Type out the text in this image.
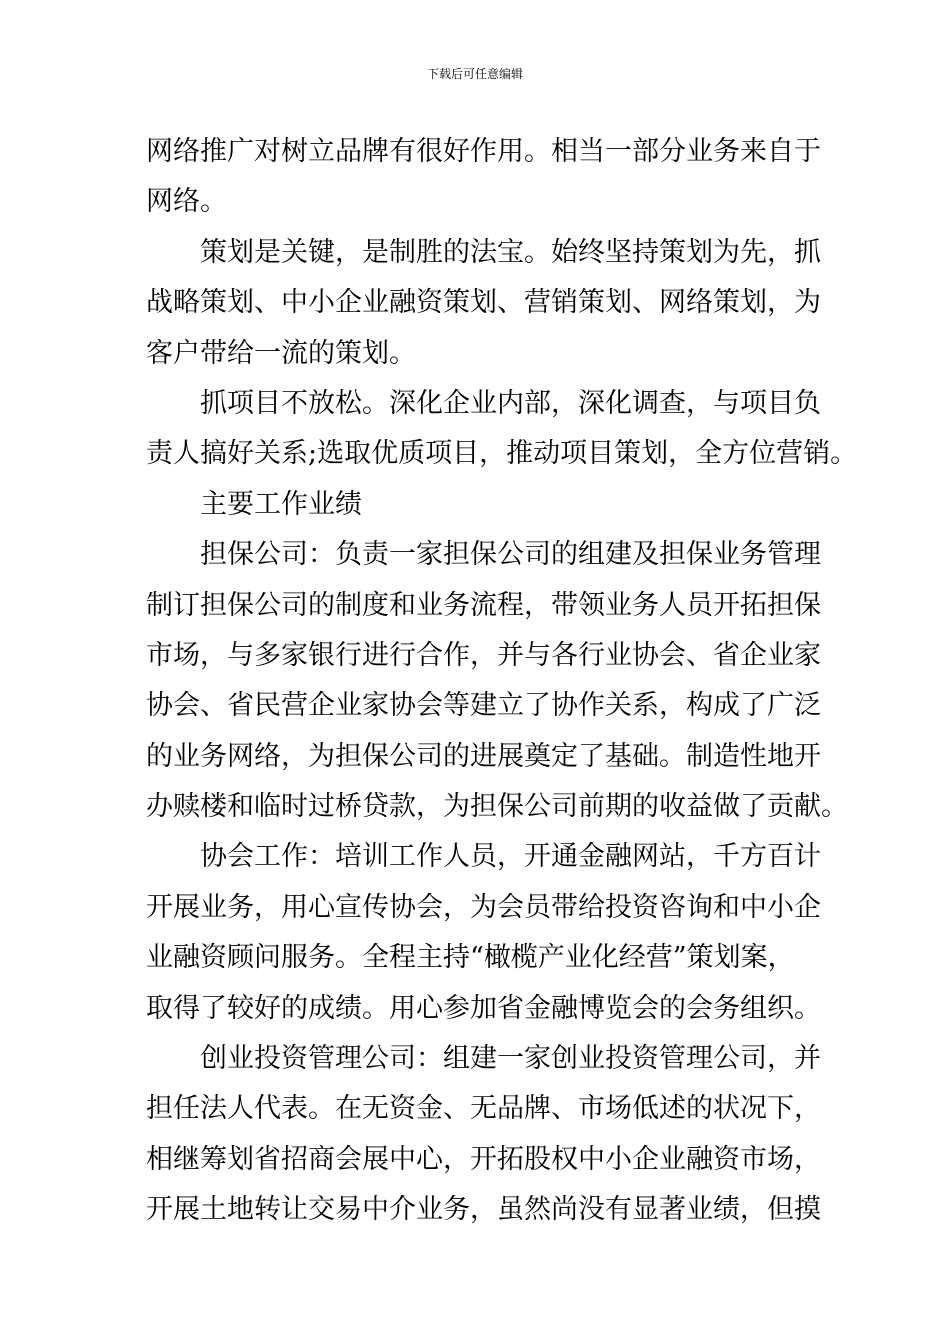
下载后可任意编辑
网络推广对树立品牌有很好作用。相当一部分业务来自于
网络。
策划是关键，是制胜的法宝。始终坚持策划为先，抓
战略策划、中小企业融资策划、营销策划、网络策划，为
客户带给一流的策划。
抓项目不放松。深化企业内部，深化调查，与项目负
责人搞好关系;选取优质项目，推动项目策划，全方位营销。
主要工作业绩
担保公司：负责一家担保公司的组建及担保业务管理
制订担保公司的制度和业务流程，带领业务人员开拓担保
市场，与多家银行进行合作，并与各行业协会、省企业家
协会、省民营企业家协会等建立了协作关系，构成了广泛
的业务网络，为担保公司的进展奠定了基础。制造性地开
办赎楼和临时过桥贷款，为担保公司前期的收益做了贡献。
协会工作：培训工作人员，开通金融网站，千方百计
开展业务，用心宣传协会，为会员带给投资咨询和中小企
业融资顾问服务。全程主持“橄榄产业化经营”策划案，
取得了较好的成绩。用心参加省金融博览会的会务组织。
创业投资管理公司：组建一家创业投资管理公司，并
担任法人代表。在无资金、无品牌、市场低述的状况下，
相继筹划省招商会展中心，开拓股权中小企业融资市场，
开展土地转让交易中介业务，虽然尚没有显著业绩，但摸
